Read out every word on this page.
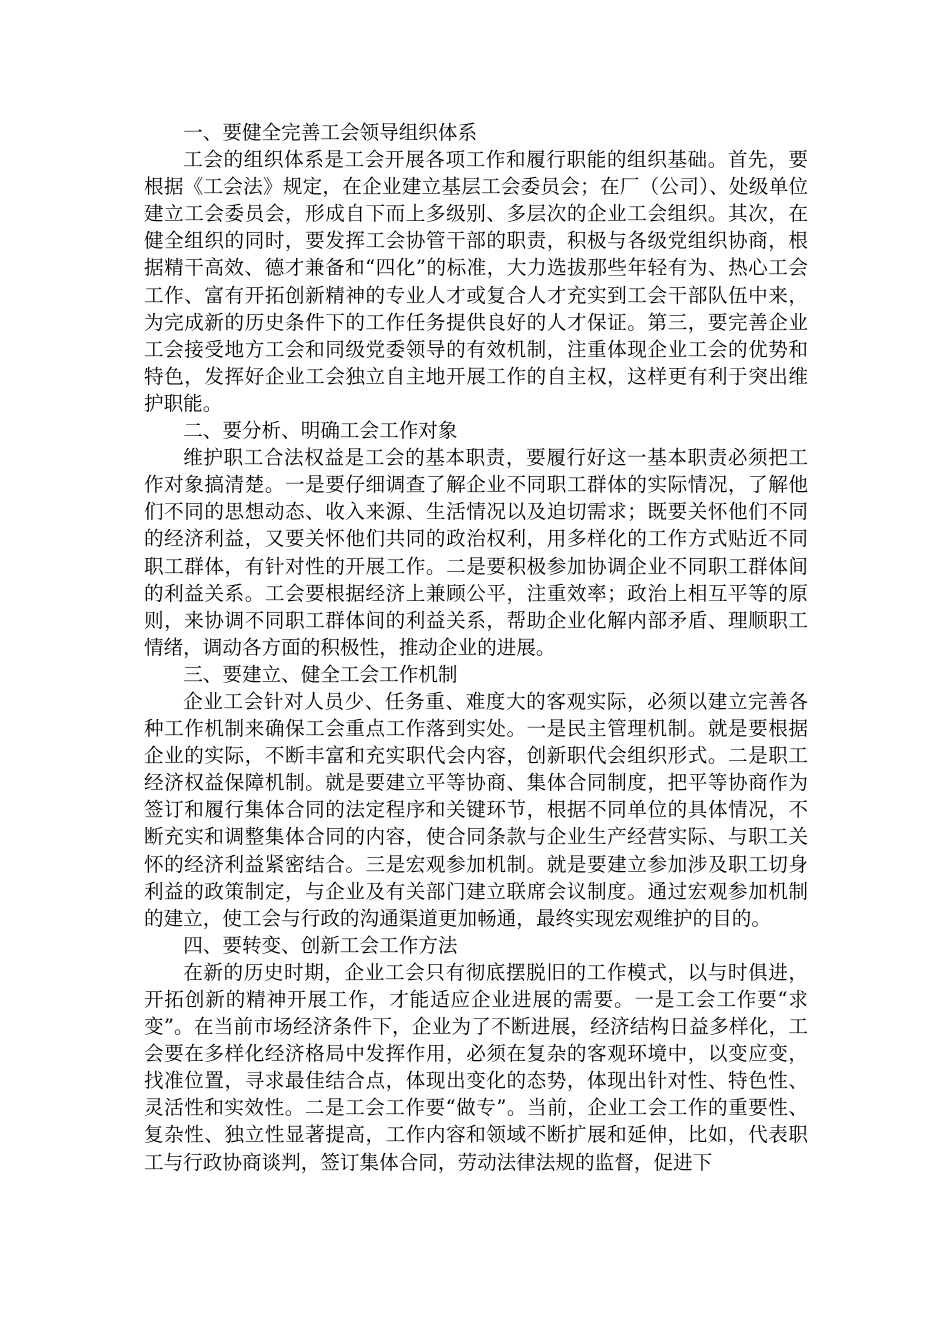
一、要健全完善工会领导组织体系

工会的组织体系是工会开展各项工作和履行职能的组织基础。首先，要根据《工会法》规定，在企业建立基层工会委员会；在厂（公司）、处级单位建立工会委员会，形成自下而上多级别、多层次的企业工会组织。其次，在健全组织的同时，要发挥工会协管干部的职责，积极与各级党组织协商，根据精干高效、德才兼备和“四化”的标准，大力选拔那些年轻有为、热心工会工作、富有开拓创新精神的专业人才或复合人才充实到工会干部队伍中来，为完成新的历史条件下的工作任务提供良好的人才保证。第三，要完善企业工会接受地方工会和同级党委领导的有效机制，注重体现企业工会的优势和特色，发挥好企业工会独立自主地开展工作的自主权，这样更有利于突出维护职能。

二、要分析、明确工会工作对象

维护职工合法权益是工会的基本职责，要履行好这一基本职责必须把工作对象搞清楚。一是要仔细调查了解企业不同职工群体的实际情况，了解他们不同的思想动态、收入来源、生活情况以及迫切需求；既要关怀他们不同的经济利益，又要关怀他们共同的政治权利，用多样化的工作方式贴近不同职工群体，有针对性的开展工作。二是要积极参加协调企业不同职工群体间的利益关系。工会要根据经济上兼顾公平，注重效率；政治上相互平等的原则，来协调不同职工群体间的利益关系，帮助企业化解内部矛盾、理顺职工情绪，调动各方面的积极性，推动企业的进展。

三、要建立、健全工会工作机制

企业工会针对人员少、任务重、难度大的客观实际，必须以建立完善各种工作机制来确保工会重点工作落到实处。一是民主管理机制。就是要根据企业的实际，不断丰富和充实职代会内容，创新职代会组织形式。二是职工经济权益保障机制。就是要建立平等协商、集体合同制度，把平等协商作为签订和履行集体合同的法定程序和关键环节，根据不同单位的具体情况，不断充实和调整集体合同的内容，使合同条款与企业生产经营实际、与职工关怀的经济利益紧密结合。三是宏观参加机制。就是要建立参加涉及职工切身利益的政策制定，与企业及有关部门建立联席会议制度。通过宏观参加机制的建立，使工会与行政的沟通渠道更加畅通，最终实现宏观维护的目的。

四、要转变、创新工会工作方法

在新的历史时期，企业工会只有彻底摆脱旧的工作模式，以与时俱进，开拓创新的精神开展工作，才能适应企业进展的需要。一是工会工作要“求变”。在当前市场经济条件下，企业为了不断进展，经济结构日益多样化，工会要在多样化经济格局中发挥作用，必须在复杂的客观环境中，以变应变，找准位置，寻求最佳结合点，体现出变化的态势，体现出针对性、特色性、灵活性和实效性。二是工会工作要“做专”。当前，企业工会工作的重要性、复杂性、独立性显著提高，工作内容和领域不断扩展和延伸，比如，代表职工与行政协商谈判，签订集体合同，劳动法律法规的监督，促进下
